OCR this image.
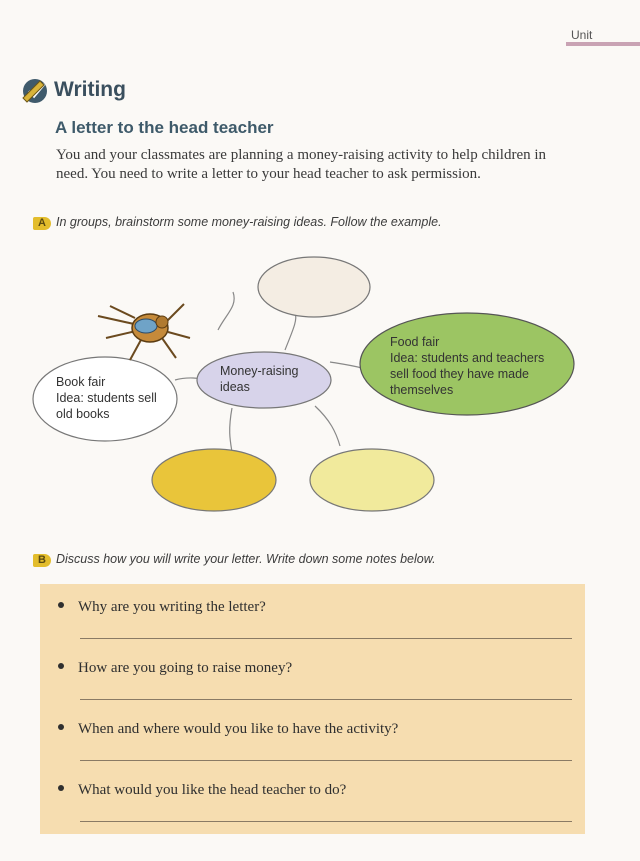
Unit
Writing
A letter to the head teacher
You and your classmates are planning a money-raising activity to help children in need. You need to write a letter to your head teacher to ask permission.
A In groups, brainstorm some money-raising ideas. Follow the example.
Money-raising
ideas
Book fair
Idea: students sell
old books
Food fair
Idea: students and teachers
sell food they have made
themselves
B Discuss how you will write your letter. Write down some notes below.
Why are you writing the letter?
How are you going to raise money?
When and where would you like to have the activity?
What would you like the head teacher to do?
